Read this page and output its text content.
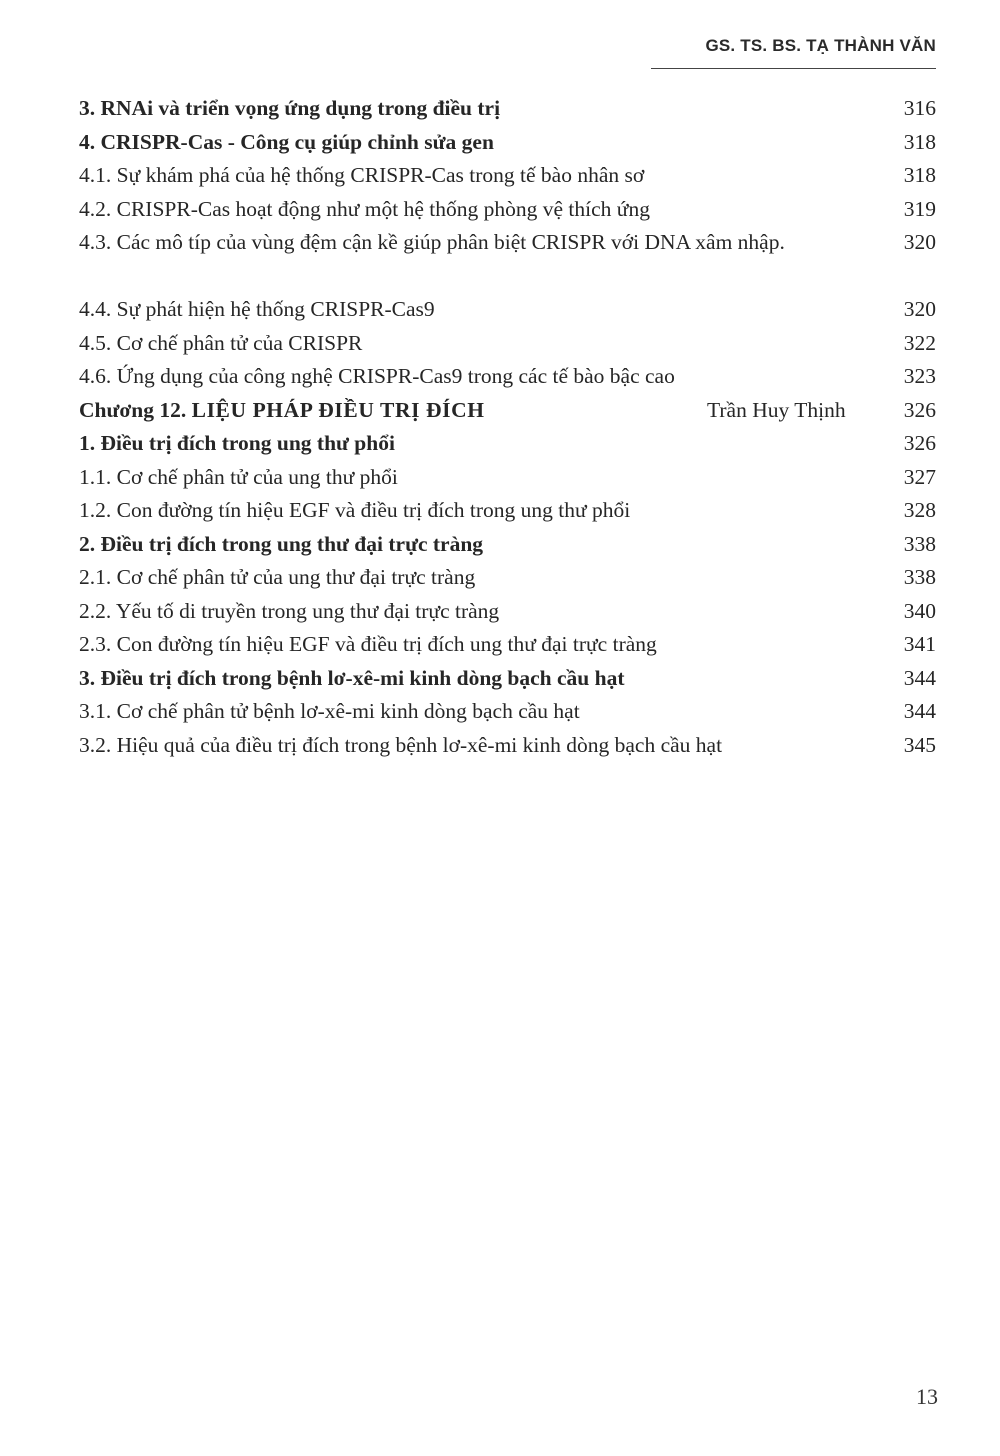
GS. TS. BS. TẠ THÀNH VĂN
3. RNAi và triển vọng ứng dụng trong điều trị	316
4. CRISPR-Cas - Công cụ giúp chỉnh sửa gen	318
4.1. Sự khám phá của hệ thống CRISPR-Cas trong tế bào nhân sơ	318
4.2. CRISPR-Cas hoạt động như một hệ thống phòng vệ thích ứng	319
4.3. Các mô típ của vùng đệm cận kề giúp phân biệt CRISPR với DNA xâm nhập.	320
4.4. Sự phát hiện hệ thống CRISPR-Cas9	320
4.5. Cơ chế phân tử của CRISPR	322
4.6. Ứng dụng của công nghệ CRISPR-Cas9 trong các tế bào bậc cao	323
Chương 12. LIỆU PHÁP ĐIỀU TRỊ ĐÍCH	Trần Huy Thịnh	326
1. Điều trị đích trong ung thư phổi	326
1.1. Cơ chế phân tử của ung thư phổi	327
1.2. Con đường tín hiệu EGF và điều trị đích trong ung thư phổi	328
2. Điều trị đích trong ung thư đại trực tràng	338
2.1. Cơ chế phân tử của ung thư đại trực tràng	338
2.2. Yếu tố di truyền trong ung thư đại trực tràng	340
2.3. Con đường tín hiệu EGF và điều trị đích ung thư đại trực tràng	341
3. Điều trị đích trong bệnh lơ-xê-mi kinh dòng bạch cầu hạt	344
3.1. Cơ chế phân tử bệnh lơ-xê-mi kinh dòng bạch cầu hạt	344
3.2. Hiệu quả của điều trị đích trong bệnh lơ-xê-mi kinh dòng bạch cầu hạt	345
13
